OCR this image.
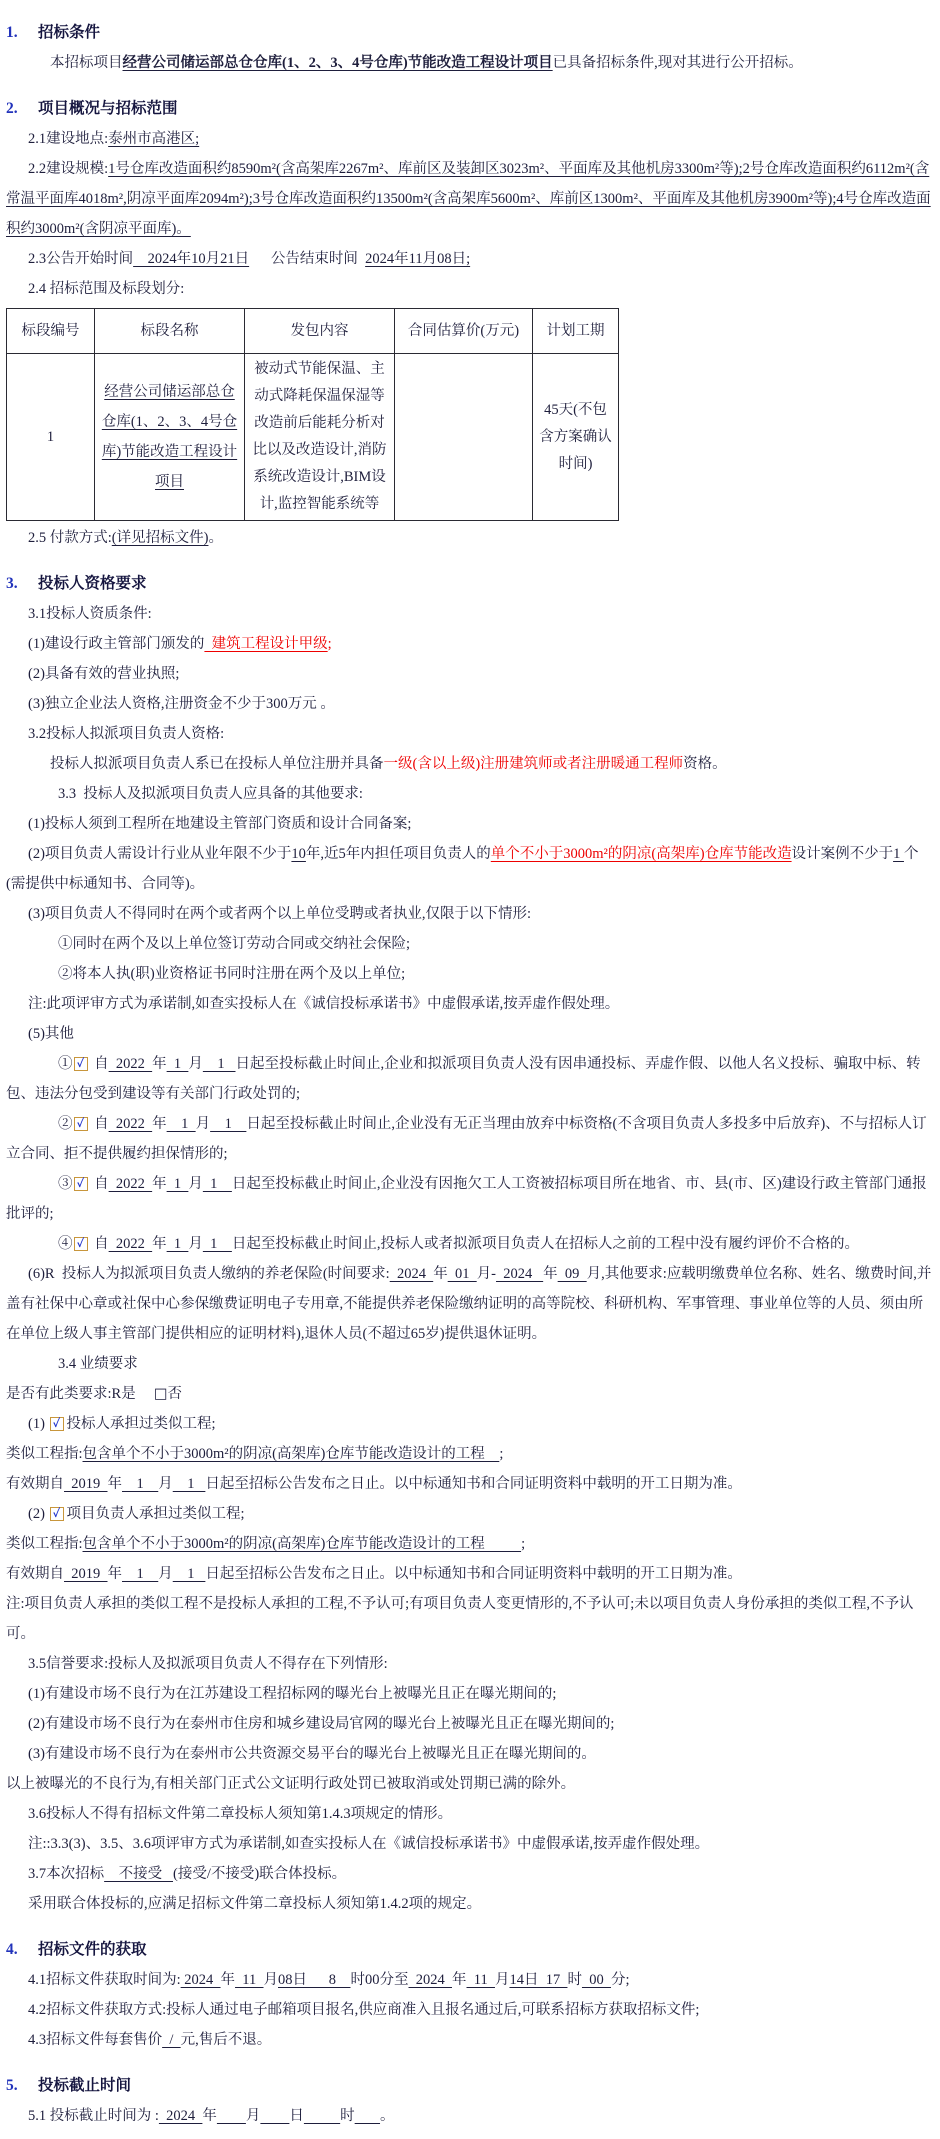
1. 招标条件

本招标项目经营公司储运部总仓仓库(1、2、3、4号仓库)节能改造工程设计项目已具备招标条件,现对其进行公开招标。

2. 项目概况与招标范围

2.1建设地点:泰州市高港区;

2.2建设规模:1号仓库改造面积约8590m²(含高架库2267m²、库前区及装卸区3023m²、平面库及其他机房3300m²等);2号仓库改造面积约6112m²(含常温平面库4018m²,阴凉平面库2094m²);3号仓库改造面积约13500m²(含高架库5600m²、库前区1300m²、平面库及其他机房3900m²等);4号仓库改造面积约3000m²(含阴凉平面库)。

2.3公告开始时间    2024年10月21日      公告结束时间  2024年11月08日;

2.4 招标范围及标段划分:

标段编号	标段名称	发包内容	合同估算价(万元)	计划工期
1	经营公司储运部总仓仓库(1、2、3、4号仓库)节能改造工程设计项目	被动式节能保温、主动式降耗保温保湿等改造前后能耗分析对比以及改造设计,消防系统改造设计,BIM设计,监控智能系统等		45天(不包含方案确认时间)

2.5 付款方式:(详见招标文件)。

3. 投标人资格要求

3.1投标人资质条件:

(1)建设行政主管部门颁发的  建筑工程设计甲级;

(2)具备有效的营业执照;

(3)独立企业法人资格,注册资金不少于300万元 。

3.2投标人拟派项目负责人资格:

投标人拟派项目负责人系已在投标人单位注册并具备一级(含以上级)注册建筑师或者注册暖通工程师资格。

3.3  投标人及拟派项目负责人应具备的其他要求:

(1)投标人须到工程所在地建设主管部门资质和设计合同备案;

(2)项目负责人需设计行业从业年限不少于10年,近5年内担任项目负责人的单个不小于3000m²的阴凉(高架库)仓库节能改造设计案例不少于1 个(需提供中标通知书、合同等)。

(3)项目负责人不得同时在两个或者两个以上单位受聘或者执业,仅限于以下情形:

①同时在两个及以上单位签订劳动合同或交纳社会保险;

②将本人执(职)业资格证书同时注册在两个及以上单位;

注:此项评审方式为承诺制,如查实投标人在《诚信投标承诺书》中虚假承诺,按弄虚作假处理。

(5)其他

① ✓ 自  2022  年  1  月    1   日起至投标截止时间止,企业和拟派项目负责人没有因串通投标、弄虚作假、以他人名义投标、骗取中标、转包、违法分包受到建设等有关部门行政处罚的;

② ✓ 自  2022  年    1  月    1    日起至投标截止时间止,企业没有无正当理由放弃中标资格(不含项目负责人多投多中后放弃)、不与招标人订立合同、拒不提供履约担保情形的;

③ ✓ 自  2022  年  1  月  1    日起至投标截止时间止,企业没有因拖欠工人工资被招标项目所在地省、市、县(市、区)建设行政主管部门通报批评的;

④ ✓ 自  2022  年  1  月  1    日起至投标截止时间止,投标人或者拟派项目负责人在招标人之前的工程中没有履约评价不合格的。

(6)R  投标人为拟派项目负责人缴纳的养老保险(时间要求:  2024  年  01  月-  2024   年  09  月,其他要求:应载明缴费单位名称、姓名、缴费时间,并盖有社保中心章或社保中心参保缴费证明电子专用章,不能提供养老保险缴纳证明的高等院校、科研机构、军事管理、事业单位等的人员、须由所在单位上级人事主管部门提供相应的证明材料),退休人员(不超过65岁)提供退休证明。

3.4 业绩要求

是否有此类要求:R是     □否

(1) ✓ 投标人承担过类似工程;

类似工程指:包含单个不小于3000m²的阴凉(高架库)仓库节能改造设计的工程    ;

有效期自  2019  年    1    月    1   日起至招标公告发布之日止。以中标通知书和合同证明资料中载明的开工日期为准。

(2) ✓ 项目负责人承担过类似工程;

类似工程指:包含单个不小于3000m²的阴凉(高架库)仓库节能改造设计的工程          ;

有效期自  2019  年    1    月    1   日起至招标公告发布之日止。以中标通知书和合同证明资料中载明的开工日期为准。

注:项目负责人承担的类似工程不是投标人承担的工程,不予认可;有项目负责人变更情形的,不予认可;未以项目负责人身份承担的类似工程,不予认可。

3.5信誉要求:投标人及拟派项目负责人不得存在下列情形:

(1)有建设市场不良行为在江苏建设工程招标网的曝光台上被曝光且正在曝光期间的;

(2)有建设市场不良行为在泰州市住房和城乡建设局官网的曝光台上被曝光且正在曝光期间的;

(3)有建设市场不良行为在泰州市公共资源交易平台的曝光台上被曝光且正在曝光期间的。

以上被曝光的不良行为,有相关部门正式公文证明行政处罚已被取消或处罚期已满的除外。

3.6投标人不得有招标文件第二章投标人须知第1.4.3项规定的情形。

注::3.3(3)、3.5、3.6项评审方式为承诺制,如查实投标人在《诚信投标承诺书》中虚假承诺,按弄虚作假处理。

3.7本次招标    不接受   (接受/不接受)联合体投标。

采用联合体投标的,应满足招标文件第二章投标人须知第1.4.2项的规定。

4. 招标文件的获取

4.1招标文件获取时间为: 2024  年  11  月08日      8    时00分至  2024  年  11  月14日  17  时  00  分;

4.2招标文件获取方式:投标人通过电子邮箱项目报名,供应商准入且报名通过后,可联系招标方获取招标文件;

4.3招标文件每套售价  /  元,售后不退。

5. 投标截止时间

5.1 投标截止时间为 :  2024  年 月 日	时 。
